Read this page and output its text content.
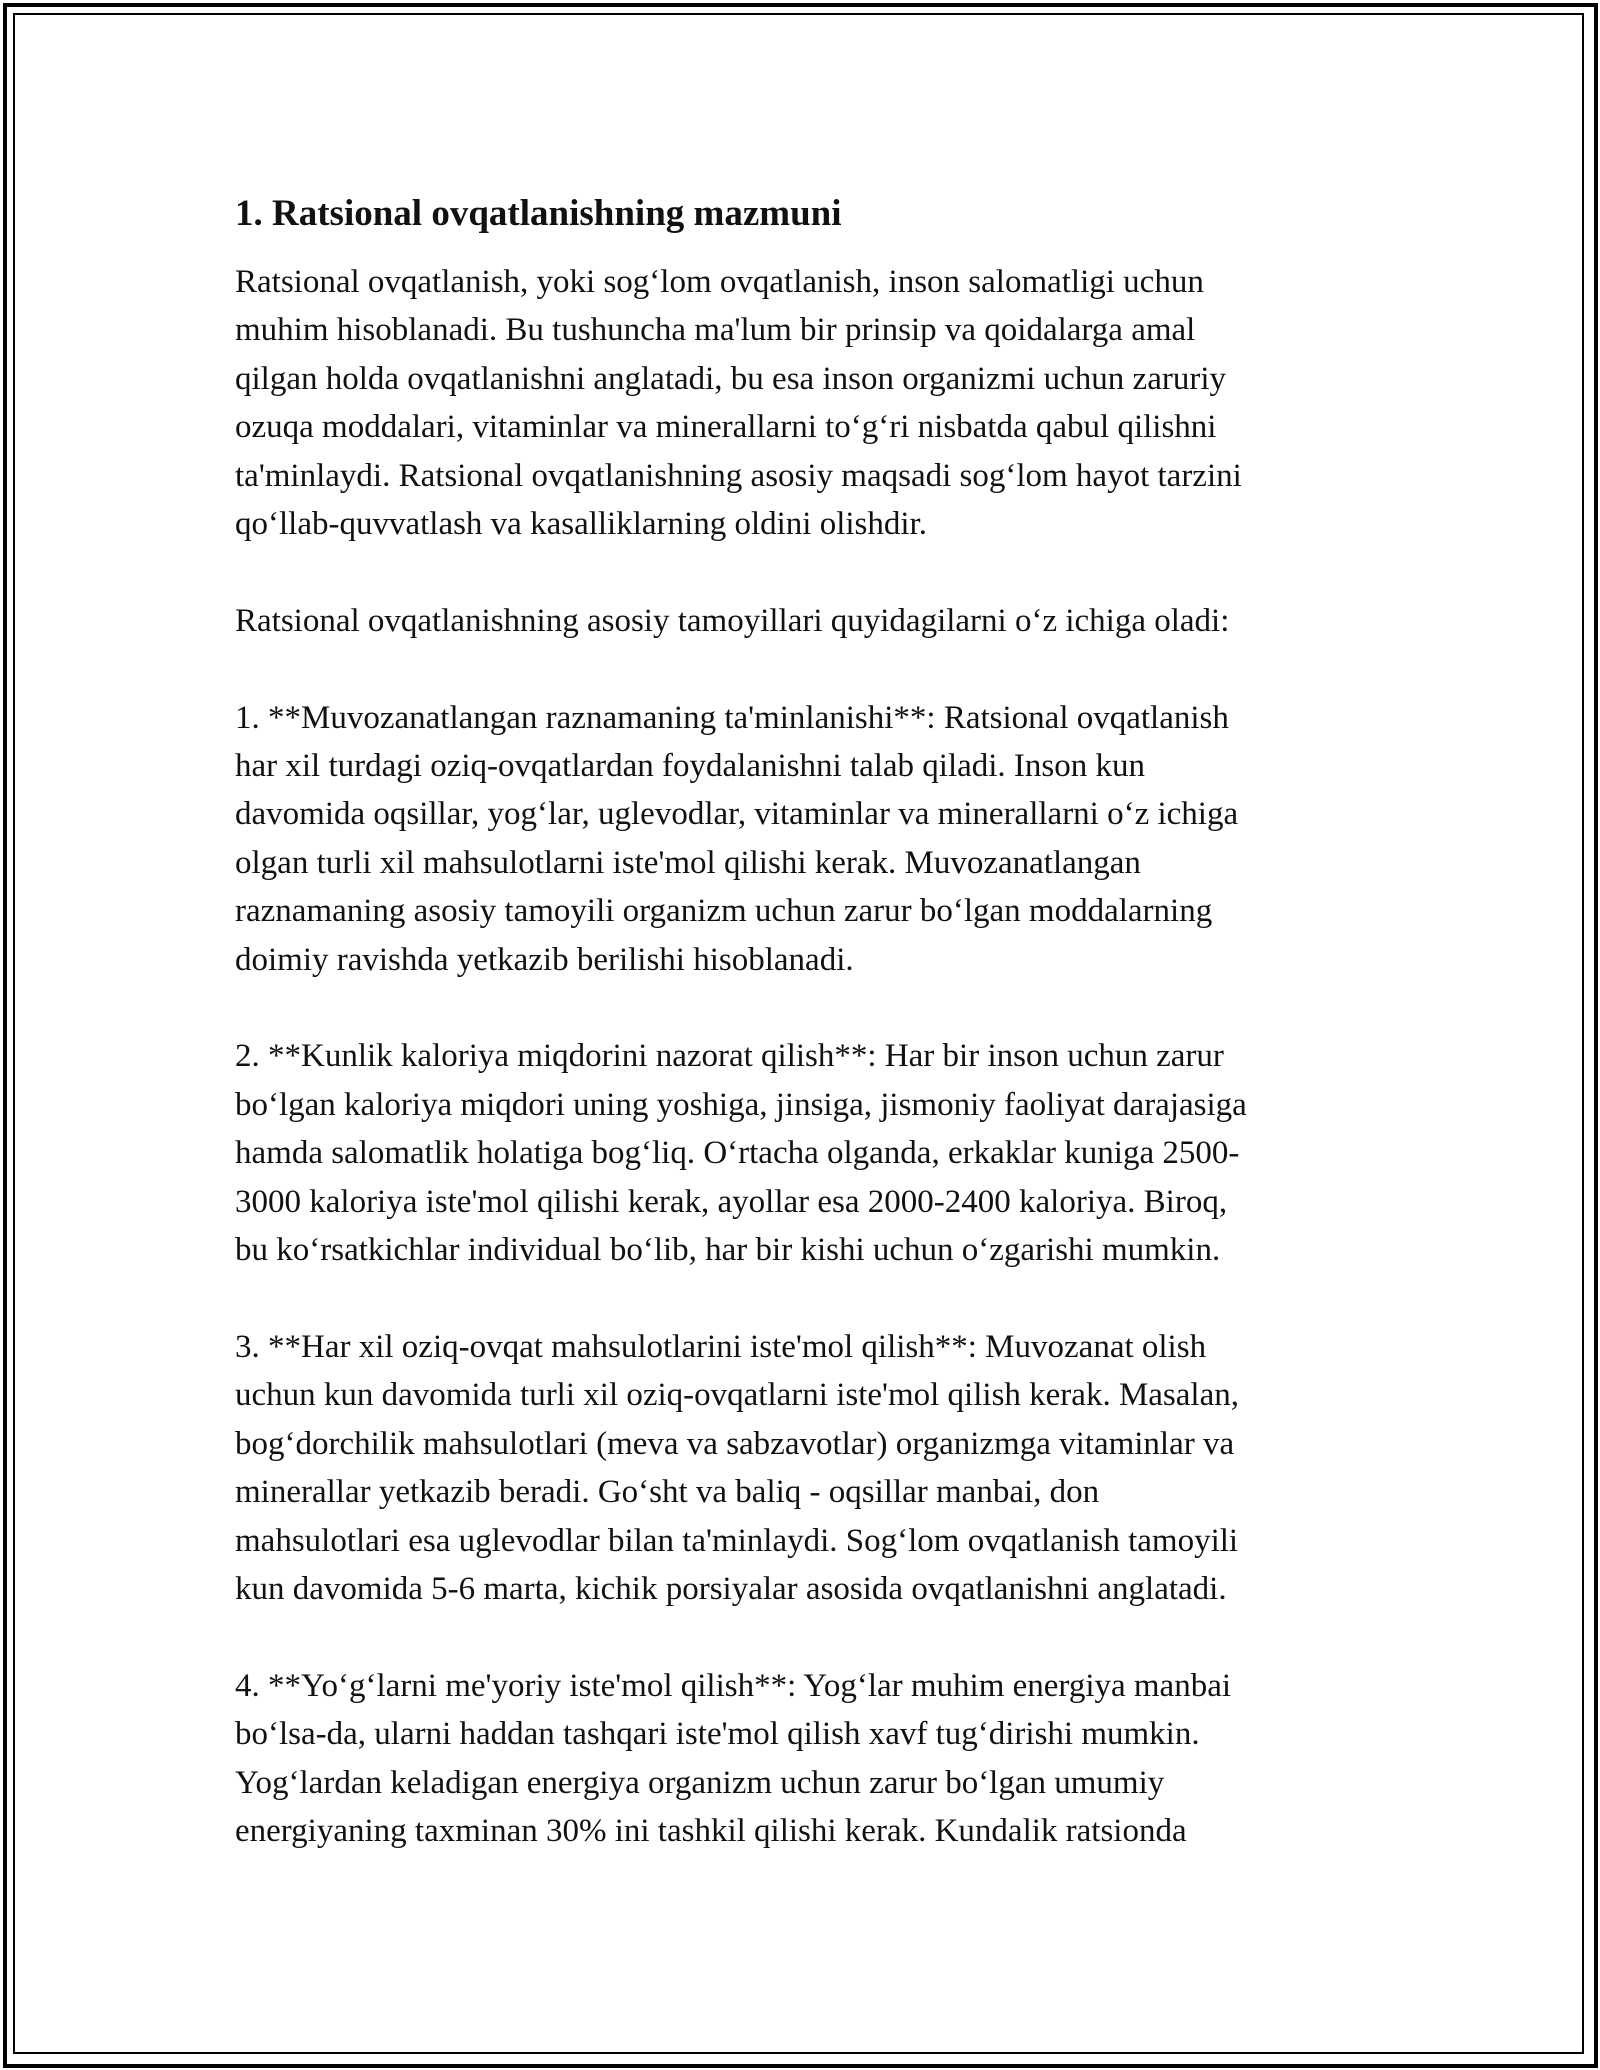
1. Ratsional ovqatlanishning mazmuni
Ratsional ovqatlanish, yoki sog‘lom ovqatlanish, inson salomatligi uchun
muhim hisoblanadi. Bu tushuncha ma'lum bir prinsip va qoidalarga amal
qilgan holda ovqatlanishni anglatadi, bu esa inson organizmi uchun zaruriy
ozuqa moddalari, vitaminlar va minerallarni to‘g‘ri nisbatda qabul qilishni
ta'minlaydi. Ratsional ovqatlanishning asosiy maqsadi sog‘lom hayot tarzini
qo‘llab-quvvatlash va kasalliklarning oldini olishdir.
Ratsional ovqatlanishning asosiy tamoyillari quyidagilarni o‘z ichiga oladi:
1. **Muvozanatlangan raznamaning ta'minlanishi**: Ratsional ovqatlanish
har xil turdagi oziq-ovqatlardan foydalanishni talab qiladi. Inson kun
davomida oqsillar, yog‘lar, uglevodlar, vitaminlar va minerallarni o‘z ichiga
olgan turli xil mahsulotlarni iste'mol qilishi kerak. Muvozanatlangan
raznamaning asosiy tamoyili organizm uchun zarur bo‘lgan moddalarning
doimiy ravishda yetkazib berilishi hisoblanadi.
2. **Kunlik kaloriya miqdorini nazorat qilish**: Har bir inson uchun zarur
bo‘lgan kaloriya miqdori uning yoshiga, jinsiga, jismoniy faoliyat darajasiga
hamda salomatlik holatiga bog‘liq. O‘rtacha olganda, erkaklar kuniga 2500-
3000 kaloriya iste'mol qilishi kerak, ayollar esa 2000-2400 kaloriya. Biroq,
bu ko‘rsatkichlar individual bo‘lib, har bir kishi uchun o‘zgarishi mumkin.
3. **Har xil oziq-ovqat mahsulotlarini iste'mol qilish**: Muvozanat olish
uchun kun davomida turli xil oziq-ovqatlarni iste'mol qilish kerak. Masalan,
bog‘dorchilik mahsulotlari (meva va sabzavotlar) organizmga vitaminlar va
minerallar yetkazib beradi. Go‘sht va baliq - oqsillar manbai, don
mahsulotlari esa uglevodlar bilan ta'minlaydi. Sog‘lom ovqatlanish tamoyili
kun davomida 5-6 marta, kichik porsiyalar asosida ovqatlanishni anglatadi.
4. **Yo‘g‘larni me'yoriy iste'mol qilish**: Yog‘lar muhim energiya manbai
bo‘lsa-da, ularni haddan tashqari iste'mol qilish xavf tug‘dirishi mumkin.
Yog‘lardan keladigan energiya organizm uchun zarur bo‘lgan umumiy
energiyaning taxminan 30% ini tashkil qilishi kerak. Kundalik ratsionda
